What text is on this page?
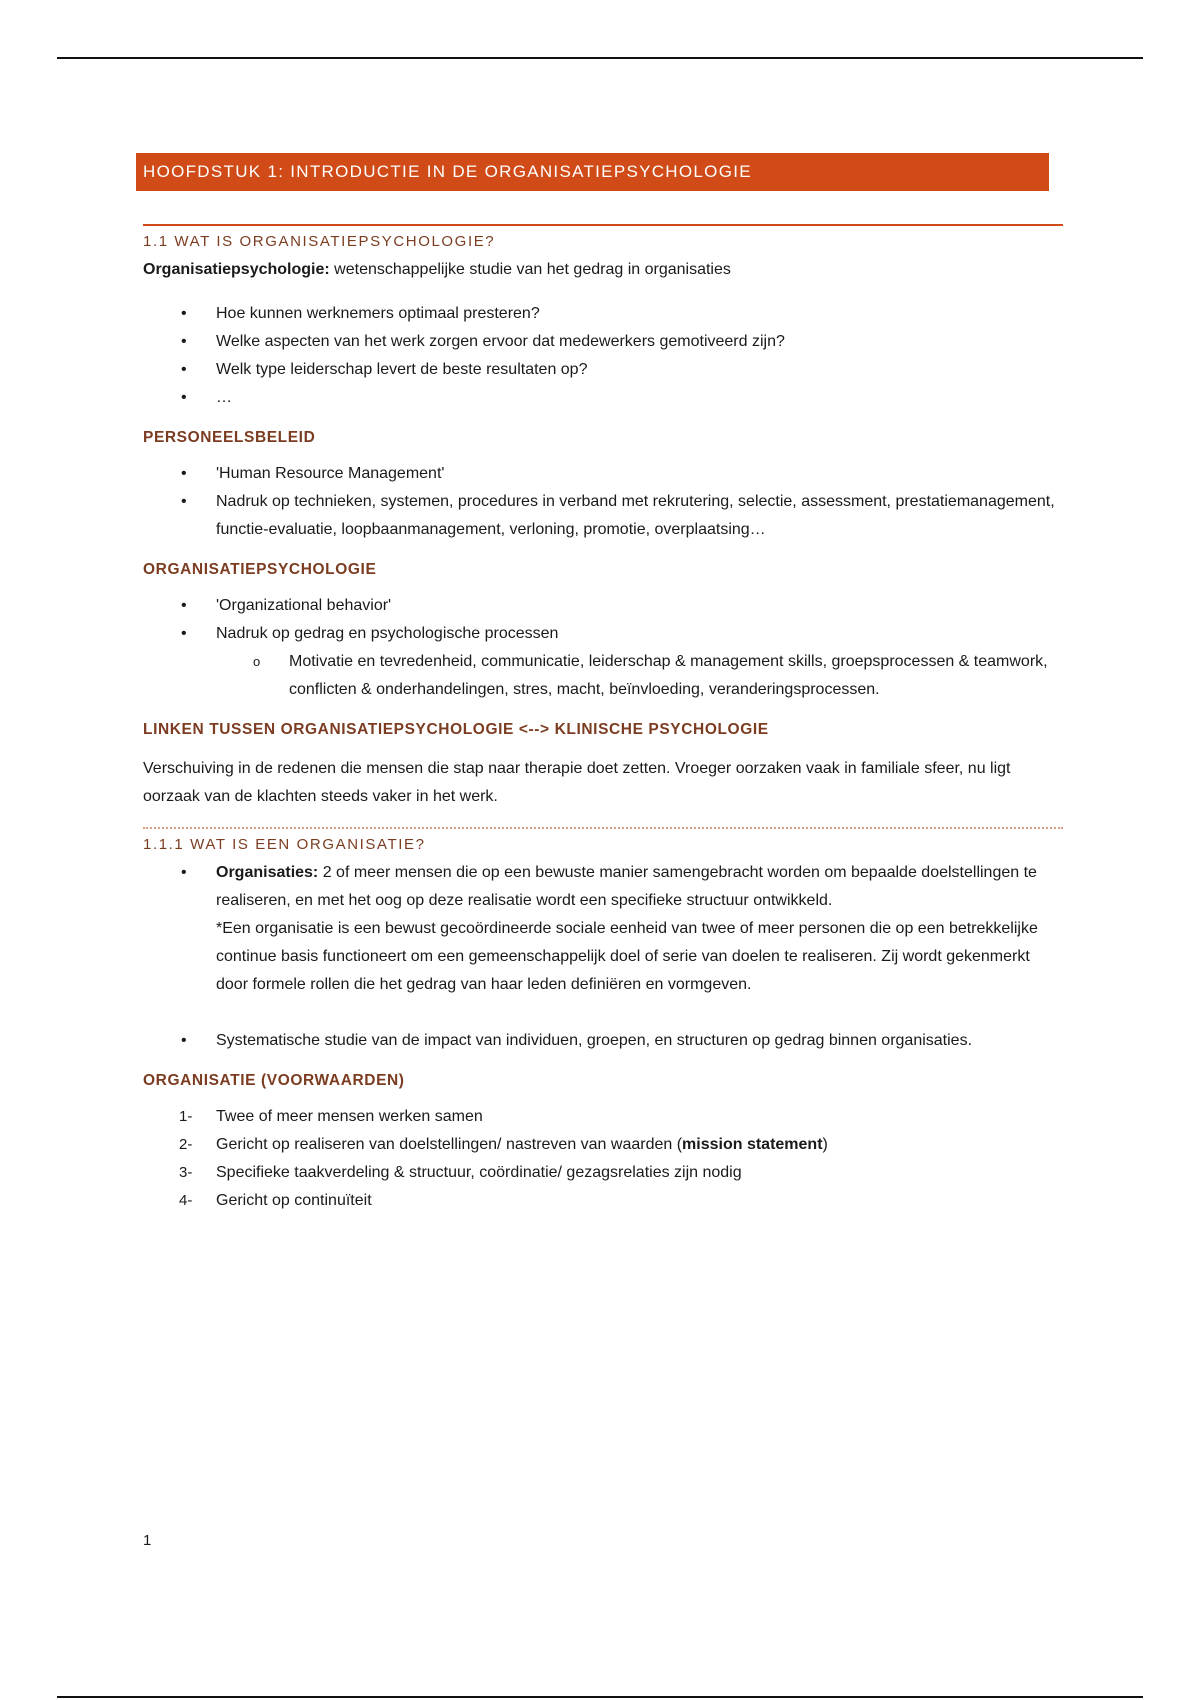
HOOFDSTUK 1: INTRODUCTIE IN DE ORGANISATIEPSYCHOLOGIE
1.1 WAT IS ORGANISATIEPSYCHOLOGIE?

Organisatiepsychologie: wetenschappelijke studie van het gedrag in organisaties

•	Hoe kunnen werknemers optimaal presteren?
•	Welke aspecten van het werk zorgen ervoor dat medewerkers gemotiveerd zijn?
•	Welk type leiderschap levert de beste resultaten op?
•	…
PERSONEELSBELEID
•	'Human Resource Management'
•	Nadruk op technieken, systemen, procedures in verband met rekrutering, selectie, assessment, prestatiemanagement, functie-evaluatie, loopbaanmanagement, verloning, promotie, overplaatsing…
ORGANISATIEPSYCHOLOGIE
•	'Organizational behavior'
•	Nadruk op gedrag en psychologische processen
o	Motivatie en tevredenheid, communicatie, leiderschap & management skills, groepsprocessen & teamwork, conflicten & onderhandelingen, stres, macht, beïnvloeding, veranderingsprocessen.
LINKEN TUSSEN ORGANISATIEPSYCHOLOGIE <--> KLINISCHE PSYCHOLOGIE

Verschuiving in de redenen die mensen die stap naar therapie doet zetten. Vroeger oorzaken vaak in familiale sfeer, nu ligt oorzaak van de klachten steeds vaker in het werk.

1.1.1 WAT IS EEN ORGANISATIE?
•	Organisaties: 2 of meer mensen die op een bewuste manier samengebracht worden om bepaalde doelstellingen te realiseren, en met het oog op deze realisatie wordt een specifieke structuur ontwikkeld.
*Een organisatie is een bewust gecoördineerde sociale eenheid van twee of meer personen die op een betrekkelijke continue basis functioneert om een gemeenschappelijk doel of serie van doelen te realiseren. Zij wordt gekenmerkt door formele rollen die het gedrag van haar leden definiëren en vormgeven.
•	Systematische studie van de impact van individuen, groepen, en structuren op gedrag binnen organisaties.
ORGANISATIE (VOORWAARDEN)
1-	Twee of meer mensen werken samen
2-	Gericht op realiseren van doelstellingen/ nastreven van waarden (mission statement)
3-	Specifieke taakverdeling & structuur, coördinatie/ gezagsrelaties zijn nodig
4-	Gericht op continuïteit
1
